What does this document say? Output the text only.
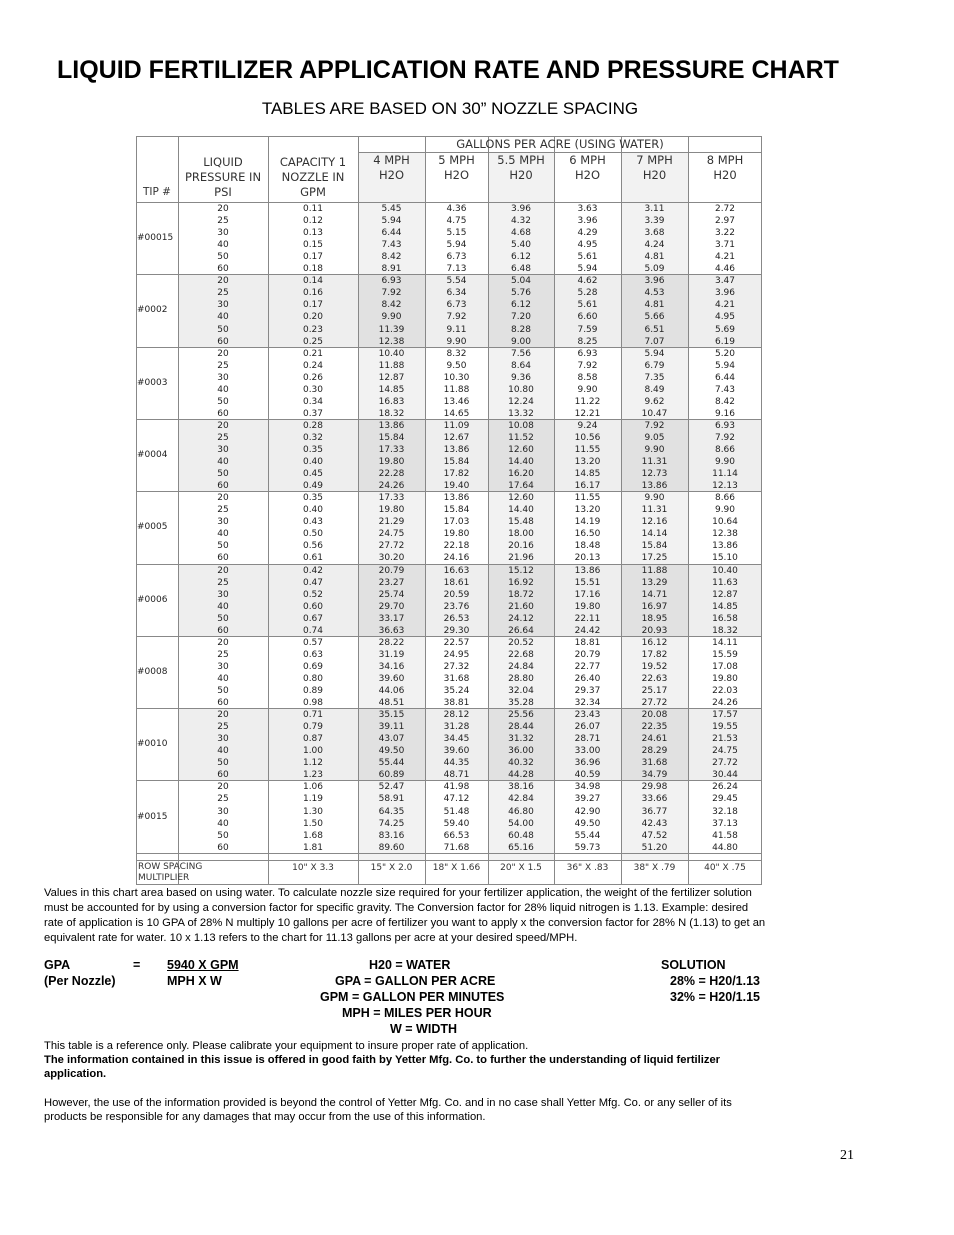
LIQUID FERTILIZER APPLICATION RATE AND PRESSURE CHART
TABLES ARE BASED ON 30” NOZZLE SPACING
GALLONS PER ACRE (USING WATER)
TIP #
LIQUID
PRESSURE IN
PSI
CAPACITY 1
NOZZLE IN
GPM
4 MPH
H2O
5 MPH
H2O
5.5 MPH
H20
6 MPH
H2O
7 MPH
H20
8 MPH
H20
#00015
20	0.11	5.45	4.36	3.96	3.63	3.11	2.72
25	0.12	5.94	4.75	4.32	3.96	3.39	2.97
30	0.13	6.44	5.15	4.68	4.29	3.68	3.22
40	0.15	7.43	5.94	5.40	4.95	4.24	3.71
50	0.17	8.42	6.73	6.12	5.61	4.81	4.21
60	0.18	8.91	7.13	6.48	5.94	5.09	4.46
#0002
20	0.14	6.93	5.54	5.04	4.62	3.96	3.47
25	0.16	7.92	6.34	5.76	5.28	4.53	3.96
30	0.17	8.42	6.73	6.12	5.61	4.81	4.21
40	0.20	9.90	7.92	7.20	6.60	5.66	4.95
50	0.23	11.39	9.11	8.28	7.59	6.51	5.69
60	0.25	12.38	9.90	9.00	8.25	7.07	6.19
#0003
20	0.21	10.40	8.32	7.56	6.93	5.94	5.20
25	0.24	11.88	9.50	8.64	7.92	6.79	5.94
30	0.26	12.87	10.30	9.36	8.58	7.35	6.44
40	0.30	14.85	11.88	10.80	9.90	8.49	7.43
50	0.34	16.83	13.46	12.24	11.22	9.62	8.42
60	0.37	18.32	14.65	13.32	12.21	10.47	9.16
#0004
20	0.28	13.86	11.09	10.08	9.24	7.92	6.93
25	0.32	15.84	12.67	11.52	10.56	9.05	7.92
30	0.35	17.33	13.86	12.60	11.55	9.90	8.66
40	0.40	19.80	15.84	14.40	13.20	11.31	9.90
50	0.45	22.28	17.82	16.20	14.85	12.73	11.14
60	0.49	24.26	19.40	17.64	16.17	13.86	12.13
#0005
20	0.35	17.33	13.86	12.60	11.55	9.90	8.66
25	0.40	19.80	15.84	14.40	13.20	11.31	9.90
30	0.43	21.29	17.03	15.48	14.19	12.16	10.64
40	0.50	24.75	19.80	18.00	16.50	14.14	12.38
50	0.56	27.72	22.18	20.16	18.48	15.84	13.86
60	0.61	30.20	24.16	21.96	20.13	17.25	15.10
#0006
20	0.42	20.79	16.63	15.12	13.86	11.88	10.40
25	0.47	23.27	18.61	16.92	15.51	13.29	11.63
30	0.52	25.74	20.59	18.72	17.16	14.71	12.87
40	0.60	29.70	23.76	21.60	19.80	16.97	14.85
50	0.67	33.17	26.53	24.12	22.11	18.95	16.58
60	0.74	36.63	29.30	26.64	24.42	20.93	18.32
#0008
20	0.57	28.22	22.57	20.52	18.81	16.12	14.11
25	0.63	31.19	24.95	22.68	20.79	17.82	15.59
30	0.69	34.16	27.32	24.84	22.77	19.52	17.08
40	0.80	39.60	31.68	28.80	26.40	22.63	19.80
50	0.89	44.06	35.24	32.04	29.37	25.17	22.03
60	0.98	48.51	38.81	35.28	32.34	27.72	24.26
#0010
20	0.71	35.15	28.12	25.56	23.43	20.08	17.57
25	0.79	39.11	31.28	28.44	26.07	22.35	19.55
30	0.87	43.07	34.45	31.32	28.71	24.61	21.53
40	1.00	49.50	39.60	36.00	33.00	28.29	24.75
50	1.12	55.44	44.35	40.32	36.96	31.68	27.72
60	1.23	60.89	48.71	44.28	40.59	34.79	30.44
#0015
20	1.06	52.47	41.98	38.16	34.98	29.98	26.24
25	1.19	58.91	47.12	42.84	39.27	33.66	29.45
30	1.30	64.35	51.48	46.80	42.90	36.77	32.18
40	1.50	74.25	59.40	54.00	49.50	42.43	37.13
50	1.68	83.16	66.53	60.48	55.44	47.52	41.58
60	1.81	89.60	71.68	65.16	59.73	51.20	44.80
ROW SPACING
MULTIPLIER
10" X 3.3	15" X 2.0	18" X 1.66	20" X 1.5	36" X .83	38" X .79	40" X .75
Values in this chart area based on using water. To calculate nozzle size required for your fertilizer application, the weight of the fertilizer solution
must be accounted for by using a conversion factor for specific gravity. The Conversion factor for 28% liquid nitrogen is 1.13. Example: desired
rate of application is 10 GPA of 28% N multiply 10 gallons per acre of fertilizer you want to apply x the conversion factor for 28% N (1.13) to get an
equivalent rate for water. 10 x 1.13 refers to the chart for 11.13 gallons per acre at your desired speed/MPH.
GPA
(Per Nozzle)
= 5940 X GPM
MPH X W
H20 = WATER
GPA = GALLON PER ACRE
GPM = GALLON PER MINUTES
MPH = MILES PER HOUR
W = WIDTH
SOLUTION
28% = H20/1.13
32% = H20/1.15
This table is a reference only. Please calibrate your equipment to insure proper rate of application.
The information contained in this issue is offered in good faith by Yetter Mfg. Co. to further the understanding of liquid fertilizer
application.
However, the use of the information provided is beyond the control of Yetter Mfg. Co. and in no case shall Yetter Mfg. Co. or any seller of its
products be responsible for any damages that may occur from the use of this information.
21
